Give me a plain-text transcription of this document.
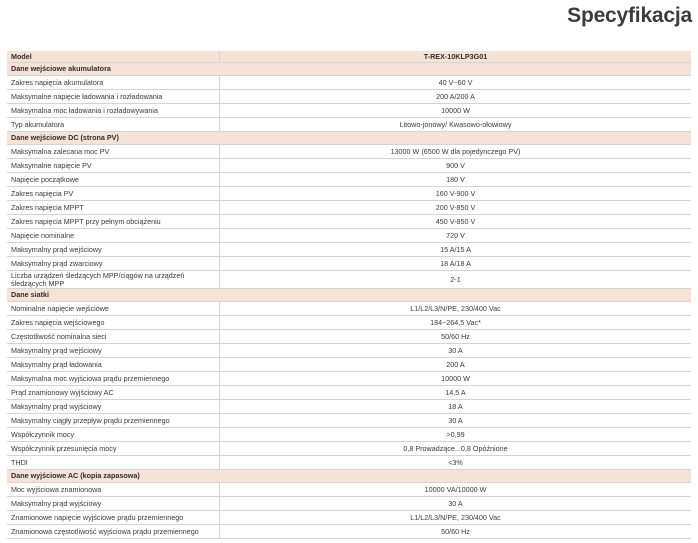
Specyfikacja
Model	T-REX-10KLP3G01
Dane wejściowe akumulatora	
Zakres napięcia akumulatora	40 V~60 V
Maksymalne napięcie ładowania i rozładowania	200 A/200 A
Maksymalna moc ładowania i rozładowywania	10000 W
Typ akumulatora	Litowo-jonowy/ Kwasowo-ołowiowy
Dane wejściowe DC (strona PV)	
Maksymalna zalecana moc PV	13000 W (6500 W dla pojedynczego PV)
Maksymalne napięcie PV	900 V
Napięcie początkowe	180 V
Zakres napięcia PV	160 V-900 V
Zakres napięcia MPPT	200 V-850 V
Zakres napięcia MPPT przy pełnym obciążeniu	450 V-850 V
Napięcie nominalne	720 V
Maksymalny prąd wejściowy	15 A/15 A
Maksymalny prąd zwarciowy	18 A/18 A
Liczba urządzeń śledzących MPP/ciągów na urządzeń śledzących MPP	2-1
Dane siatki	
Nominalne napięcie wejściowe	L1/L2/L3/N/PE, 230/400 Vac
Zakres napięcia wejściowego	184~264,5 Vac*
Częstotliwość nominalna sieci	50/60 Hz
Maksymalny prąd wejściowy	30 A
Maksymalny prąd ładowania	200 A
Maksymalna moc wyjściowa prądu przemiennego	10000 W
Prąd znamionowy wyjściowy AC	14,5 A
Maksymalny prąd wyjściowy	18 A
Maksymalny ciągły przepływ prądu przemiennego	30 A
Współczynnik mocy	>0,99
Współczynnik przesunięcia mocy	0,8 Prowadzące...0,8 Opóźnione
THDI	<3%
Dane wyjściowe AC (kopia zapasowa)	
Moc wyjściowa znamionowa	10000 VA/10000 W
Maksymalny prąd wyjściowy	30 A
Znamionowe napięcie wyjściowe prądu przemiennego	L1/L2/L3/N/PE, 230/400 Vac
Znamionowa częstotliwość wyjściowa prądu przemiennego	50/60 Hz
